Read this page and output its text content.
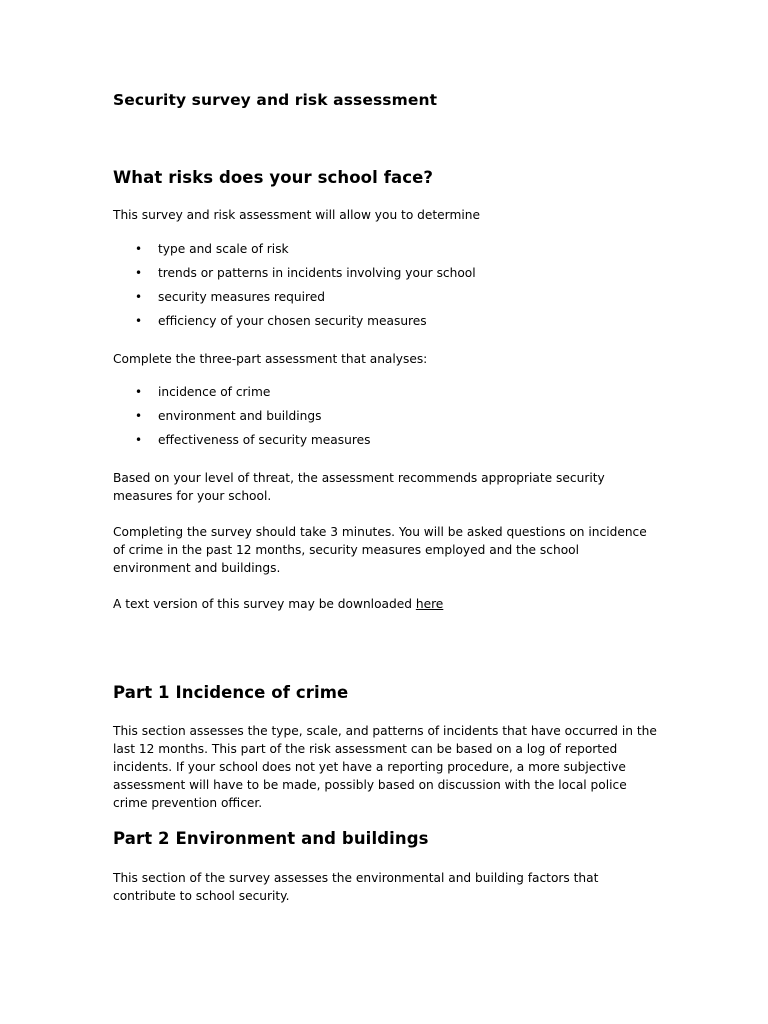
Security survey and risk assessment
What risks does your school face?

This survey and risk assessment will allow you to determine

• type and scale of risk
• trends or patterns in incidents involving your school
• security measures required
• efficiency of your chosen security measures

Complete the three-part assessment that analyses:

• incidence of crime
• environment and buildings
• effectiveness of security measures

Based on your level of threat, the assessment recommends appropriate security measures for your school.

Completing the survey should take 3 minutes. You will be asked questions on incidence of crime in the past 12 months, security measures employed and the school environment and buildings.

A text version of this survey may be downloaded here

Part 1 Incidence of crime

This section assesses the type, scale, and patterns of incidents that have occurred in the last 12 months. This part of the risk assessment can be based on a log of reported incidents. If your school does not yet have a reporting procedure, a more subjective assessment will have to be made, possibly based on discussion with the local police crime prevention officer.

Part 2 Environment and buildings

This section of the survey assesses the environmental and building factors that contribute to school security.
